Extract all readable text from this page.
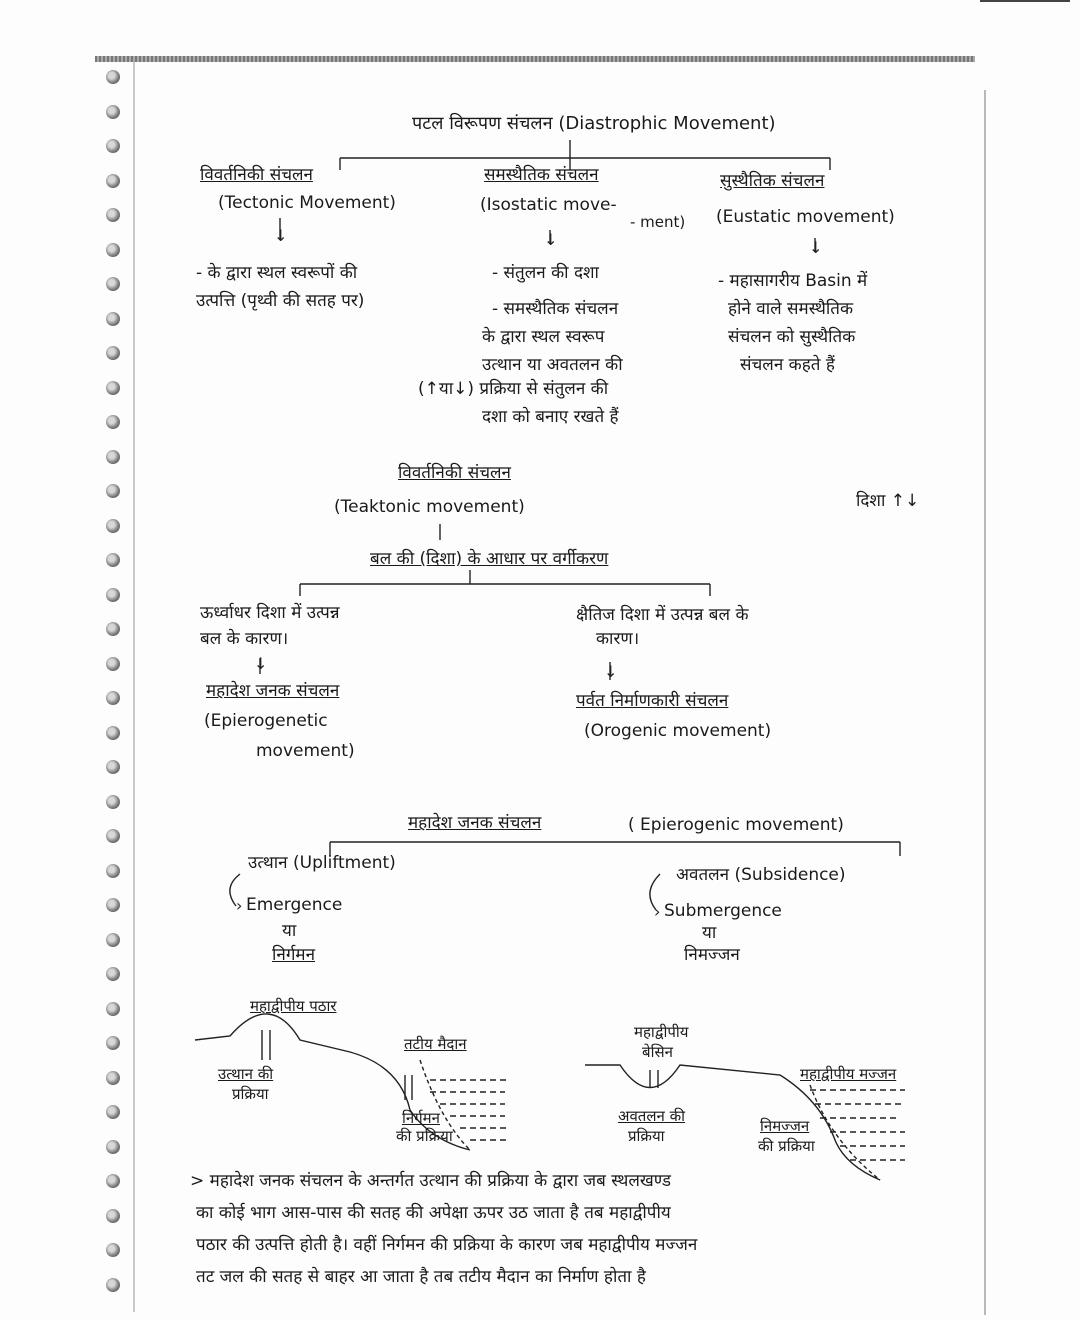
पटल विरूपण संचलन (Diastrophic Movement)
विवर्तनिकी संचलन
(Tectonic Movement)
- के द्वारा स्थल स्वरूपों की
उत्पत्ति (पृथ्वी की सतह पर)
समस्थैतिक संचलन
(Isostatic move-
- ment)
- संतुलन की दशा
- समस्थैतिक संचलन
के द्वारा स्थल स्वरूप
उत्थान या अवतलन की
(↑या↓) प्रक्रिया से संतुलन की
दशा को बनाए रखते हैं
सुस्थैतिक संचलन
(Eustatic movement)
- महासागरीय Basin में
होने वाले समस्थैतिक
संचलन को सुस्थैतिक
संचलन कहते हैं
विवर्तनिकी संचलन
(Teaktonic movement)	दिशा ↑↓
बल की (दिशा) के आधार पर वर्गीकरण
ऊर्ध्वाधर दिशा में उत्पन्न
बल के कारण।
महादेश जनक संचलन
(Epierogenetic
movement)
क्षैतिज दिशा में उत्पन्न बल के
कारण।
पर्वत निर्माणकारी संचलन
(Orogenic movement)
महादेश जनक संचलन	( Epierogenic movement)
उत्थान (Upliftment)
Emergence
या
निर्गमन
अवतलन (Subsidence)
Submergence
या
निमज्जन
महाद्वीपीय पठार
तटीय मैदान
उत्थान की
प्रक्रिया
निर्गमन
की प्रक्रिया
महाद्वीपीय
बेसिन
महाद्वीपीय मज्जन
अवतलन की
प्रक्रिया
निमज्जन
की प्रक्रिया
> महादेश जनक संचलन के अन्तर्गत उत्थान की प्रक्रिया के द्वारा जब स्थलखण्ड
का कोई भाग आस-पास की सतह की अपेक्षा ऊपर उठ जाता है तब महाद्वीपीय
पठार की उत्पत्ति होती है। वहीं निर्गमन की प्रक्रिया के कारण जब महाद्वीपीय मज्जन
तट जल की सतह से बाहर आ जाता है तब तटीय मैदान का निर्माण होता है
↓	↓	↓
↓	↓
›	›
